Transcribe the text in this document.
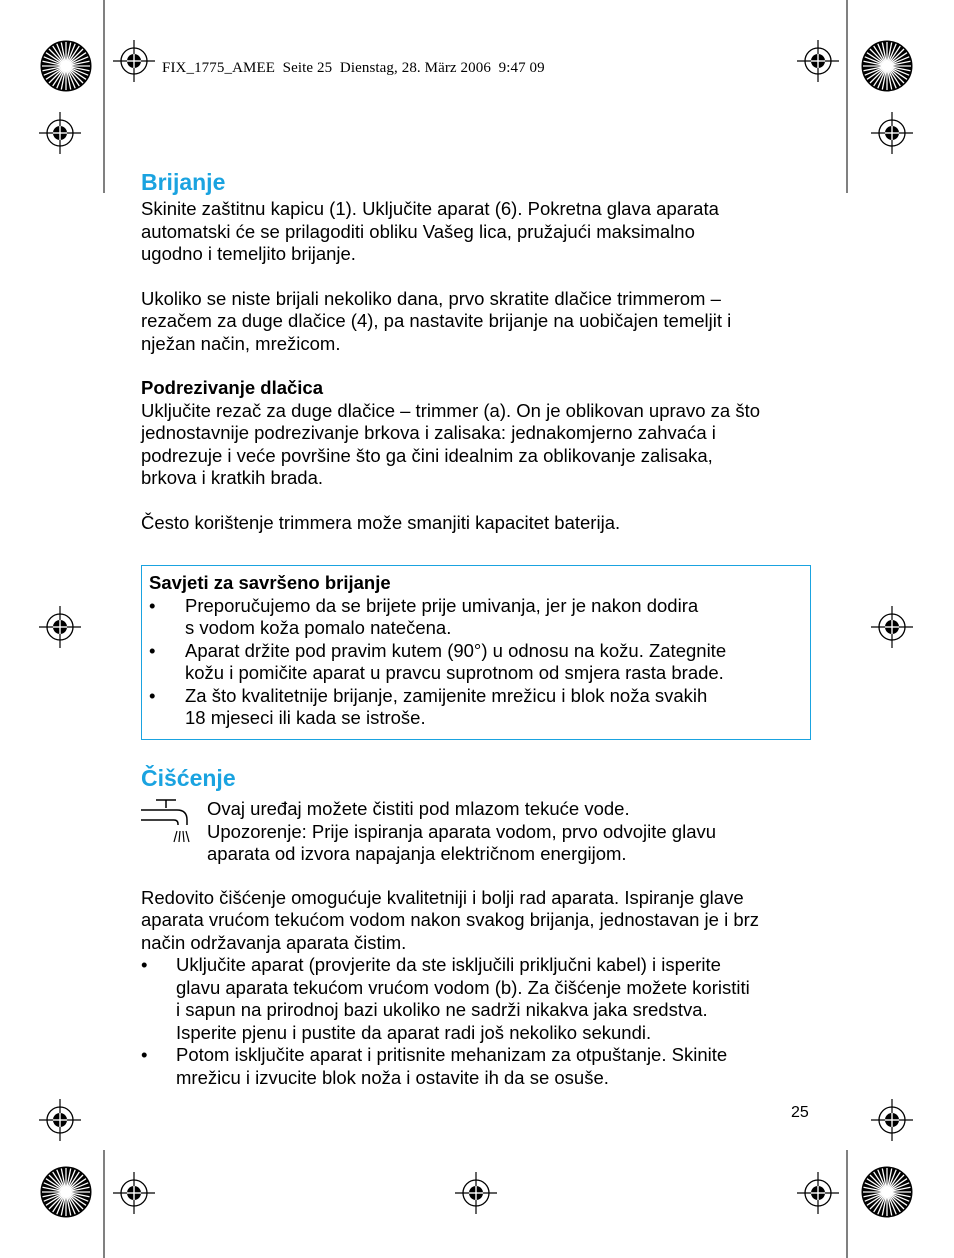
FIX_1775_AMEE  Seite 25  Dienstag, 28. März 2006  9:47 09
Brijanje

Skinite zaštitnu kapicu (1). Uključite aparat (6). Pokretna glava aparata
automatski će se prilagoditi obliku Vašeg lica, pružajući maksimalno
ugodno i temeljito brijanje.

Ukoliko se niste brijali nekoliko dana, prvo skratite dlačice trimmerom –
rezačem za duge dlačice (4), pa nastavite brijanje na uobičajen temeljit i
nježan način, mrežicom.

Podrezivanje dlačica

Uključite rezač za duge dlačice – trimmer (a). On je oblikovan upravo za što
jednostavnije podrezivanje brkova i zalisaka: jednakomjerno zahvaća i
podrezuje i veće površine što ga čini idealnim za oblikovanje zalisaka,
brkova i kratkih brada.

Često korištenje trimmera može smanjiti kapacitet baterija.

Savjeti za savršeno brijanje
•	Preporučujemo da se brijete prije umivanja, jer je nakon dodira
s vodom koža pomalo natečena.
•	Aparat držite pod pravim kutem (90°) u odnosu na kožu. Zategnite
kožu i pomičite aparat u pravcu suprotnom od smjera rasta brade.
•	Za što kvalitetnije brijanje, zamijenite mrežicu i blok noža svakih
18 mjeseci ili kada se istroše.
Čišćenje

Ovaj uređaj možete čistiti pod mlazom tekuće vode.
Upozorenje: Prije ispiranja aparata vodom, prvo odvojite glavu
aparata od izvora napajanja električnom energijom.

Redovito čišćenje omogućuje kvalitetniji i bolji rad aparata. Ispiranje glave
aparata vrućom tekućom vodom nakon svakog brijanja, jednostavan je i brz
način održavanja aparata čistim.

•	Uključite aparat (provjerite da ste isključili priključni kabel) i isperite
glavu aparata tekućom vrućom vodom (b). Za čišćenje možete koristiti
i sapun na prirodnoj bazi ukoliko ne sadrži nikakva jaka sredstva.
Isperite pjenu i pustite da aparat radi još nekoliko sekundi.
•	Potom isključite aparat i pritisnite mehanizam za otpuštanje. Skinite
mrežicu i izvucite blok noža i ostavite ih da se osuše.
25
